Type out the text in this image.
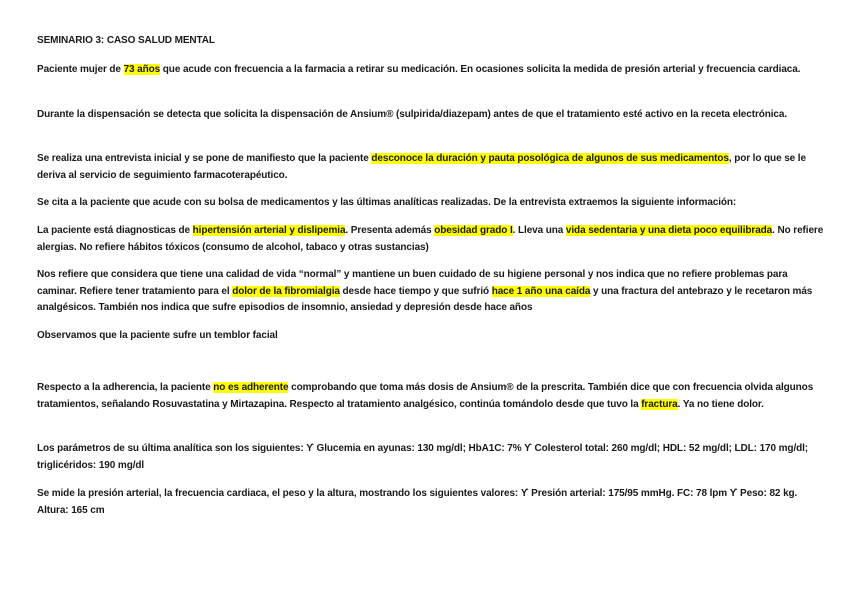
SEMINARIO 3: CASO SALUD MENTAL
Paciente mujer de 73 años que acude con frecuencia a la farmacia a retirar su medicación. En ocasiones solicita la medida de presión arterial y frecuencia cardiaca.
Durante la dispensación se detecta que solicita la dispensación de Ansium® (sulpirida/diazepam) antes de que el tratamiento esté activo en la receta electrónica.
Se realiza una entrevista inicial y se pone de manifiesto que la paciente desconoce la duración y pauta posológica de algunos de sus medicamentos, por lo que se le deriva al servicio de seguimiento farmacoterapéutico.
Se cita a la paciente que acude con su bolsa de medicamentos y las últimas analíticas realizadas. De la entrevista extraemos la siguiente información:
La paciente está diagnosticas de hipertensión arterial y dislipemia. Presenta además obesidad grado I. Lleva una vida sedentaria y una dieta poco equilibrada. No refiere alergias. No refiere hábitos tóxicos (consumo de alcohol, tabaco y otras sustancias)
Nos refiere que considera que tiene una calidad de vida “normal” y mantiene un buen cuidado de su higiene personal y nos indica que no refiere problemas para caminar. Refiere tener tratamiento para el dolor de la fibromialgia desde hace tiempo y que sufrió hace 1 año una caída y una fractura del antebrazo y le recetaron más analgésicos. También nos indica que sufre episodios de insomnio, ansiedad y depresión desde hace años
Observamos que la paciente sufre un temblor facial
Respecto a la adherencia, la paciente no es adherente comprobando que toma más dosis de Ansium® de la prescrita. También dice que con frecuencia olvida algunos tratamientos, señalando Rosuvastatina y Mirtazapina. Respecto al tratamiento analgésico, continúa tomándolo desde que tuvo la fractura. Ya no tiene dolor.
Los parámetros de su última analítica son los siguientes: ϒ Glucemia en ayunas: 130 mg/dl; HbA1C: 7% ϒ Colesterol total: 260 mg/dl; HDL: 52 mg/dl; LDL: 170 mg/dl; triglicéridos: 190 mg/dl
Se mide la presión arterial, la frecuencia cardiaca, el peso y la altura, mostrando los siguientes valores: ϒ Presión arterial: 175/95 mmHg. FC: 78 lpm ϒ Peso: 82 kg. Altura: 165 cm
